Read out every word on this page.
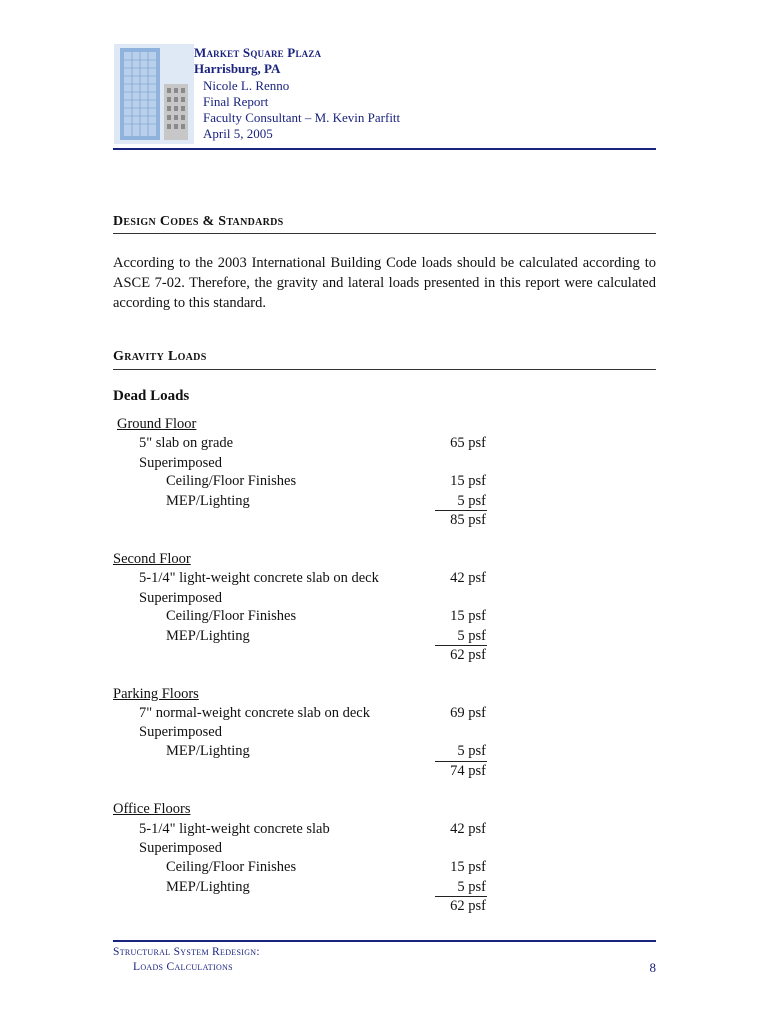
Market Square Plaza
Harrisburg, PA
Nicole L. Renno
Final Report
Faculty Consultant – M. Kevin Parfitt
April 5, 2005
Design Codes & Standards
According to the 2003 International Building Code loads should be calculated according to ASCE 7-02. Therefore, the gravity and lateral loads presented in this report were calculated according to this standard.
Gravity Loads
Dead Loads
Ground Floor
5" slab on grade	65 psf
Superimposed
Ceiling/Floor Finishes	15 psf
MEP/Lighting	5 psf
85 psf
Second Floor
5-1/4" light-weight concrete slab on deck	42 psf
Superimposed
Ceiling/Floor Finishes	15 psf
MEP/Lighting	5 psf
62 psf
Parking Floors
7" normal-weight concrete slab on deck	69 psf
Superimposed
MEP/Lighting	5 psf
74 psf
Office Floors
5-1/4" light-weight concrete slab	42 psf
Superimposed
Ceiling/Floor Finishes	15 psf
MEP/Lighting	5 psf
62 psf
Structural System Redesign:
Loads Calculations	8
